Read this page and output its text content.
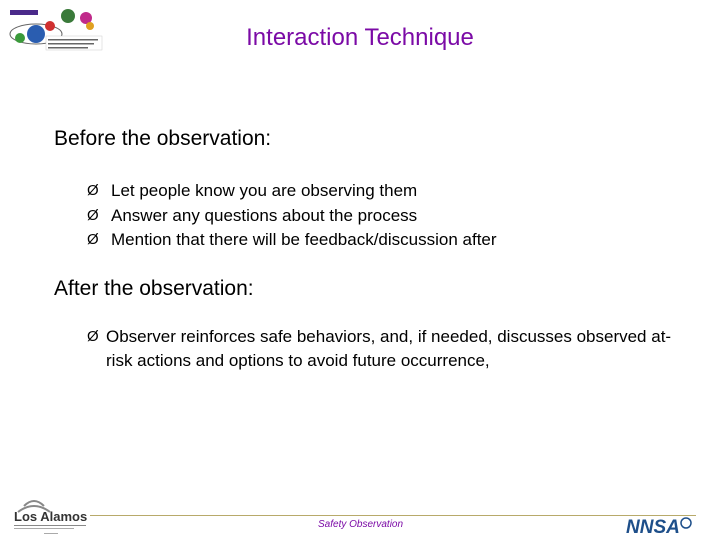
Interaction Technique
Before the observation:
Ø Let people know you are observing them
Ø Answer any questions about the process
Ø Mention that there will be feedback/discussion after
After the observation:
Ø Observer reinforces safe behaviors, and, if needed, discusses observed at-risk actions and options to avoid future occurrence,
Los Alamos
Safety Observation	NNSA
